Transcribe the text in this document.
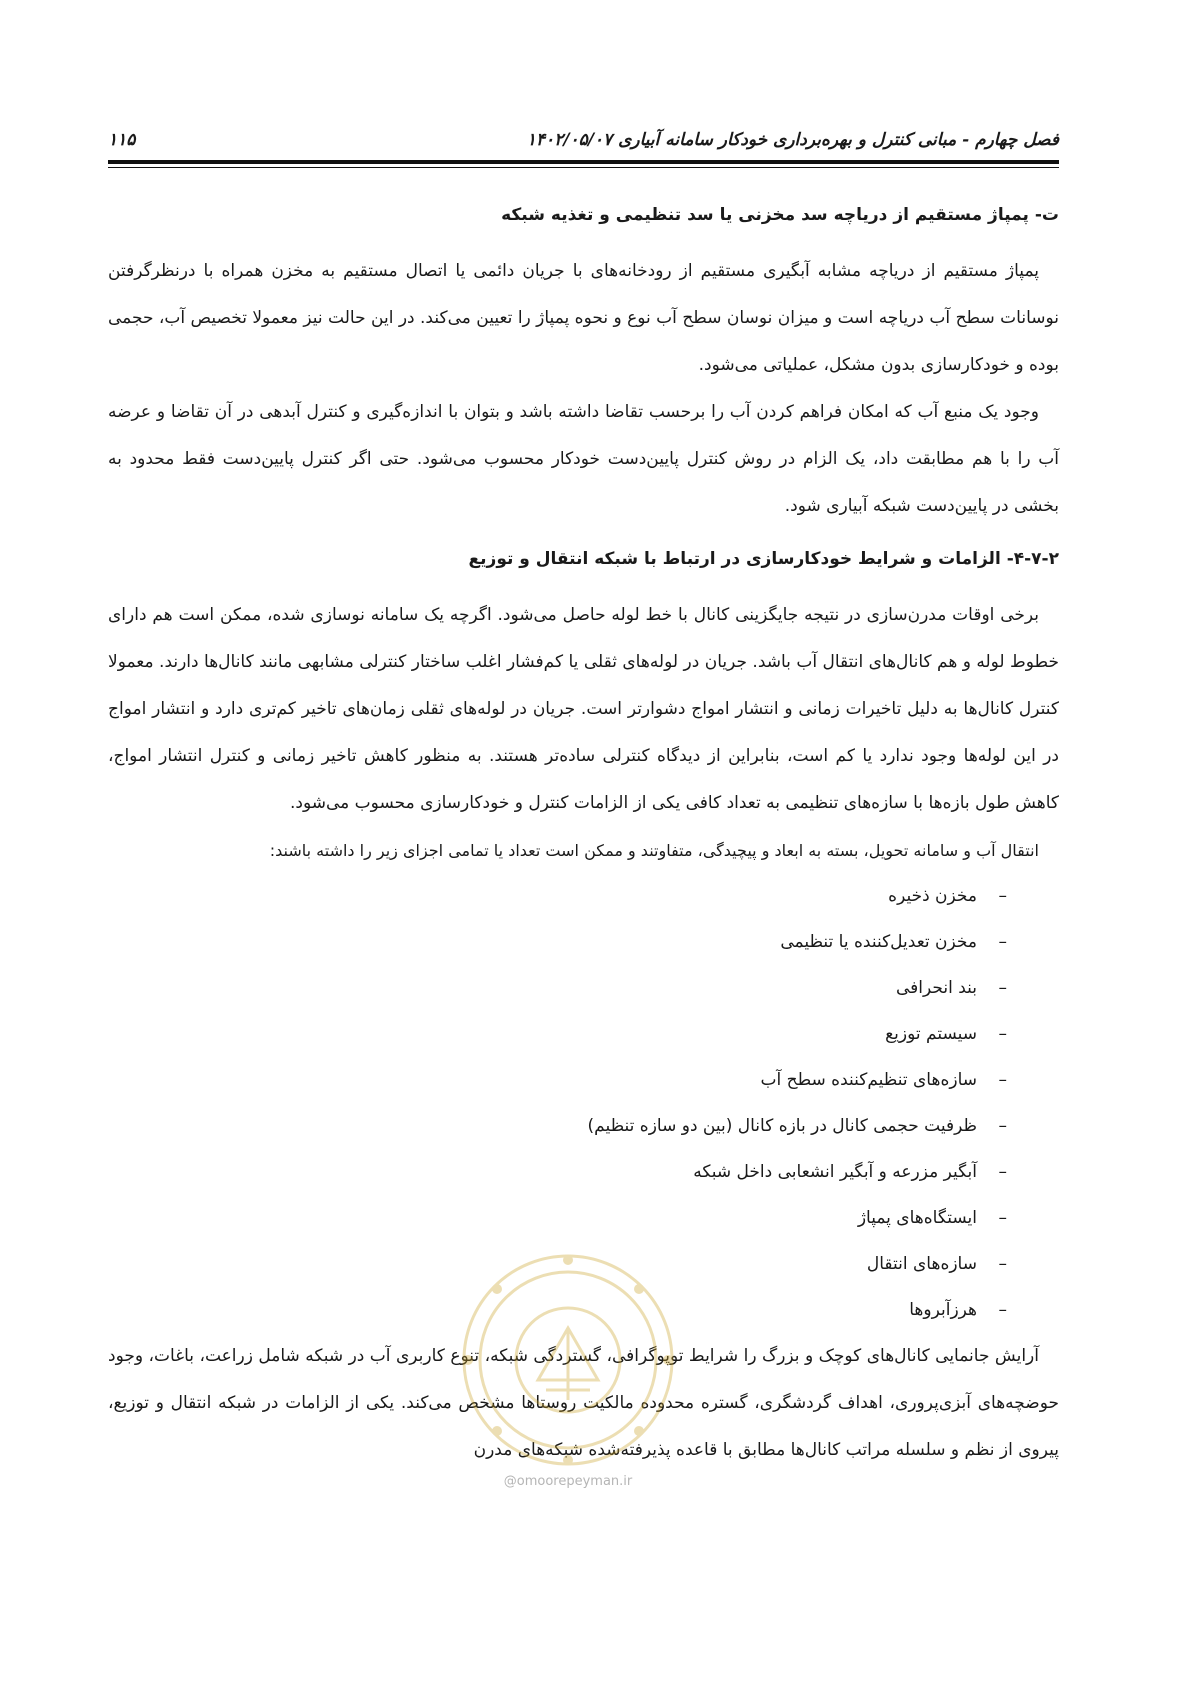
فصل چهارم - مبانی کنترل و بهره‌برداری خودکار سامانه آبیاری ۱۴۰۲/۰۵/۰۷
۱۱۵
ت- پمپاژ مستقیم از دریاچه سد مخزنی یا سد تنظیمی و تغذیه شبکه

پمپاژ مستقیم از دریاچه مشابه آبگیری مستقیم از رودخانه‌های با جریان دائمی یا اتصال مستقیم به مخزن همراه با درنظرگرفتن نوسانات سطح آب دریاچه است و میزان نوسان سطح آب نوع و نحوه پمپاژ را تعیین می‌کند. در این حالت نیز معمولا تخصیص آب، حجمی بوده و خودکارسازی بدون مشکل، عملیاتی می‌شود.

وجود یک منبع آب که امکان فراهم کردن آب را برحسب تقاضا داشته باشد و بتوان با اندازه‌گیری و کنترل آبدهی در آن تقاضا و عرضه آب را با هم مطابقت داد، یک الزام در روش کنترل پایین‌دست خودکار محسوب می‌شود. حتی اگر کنترل پایین‌دست فقط محدود به بخشی در پایین‌دست شبکه آبیاری شود.

۴-۷-۲- الزامات و شرایط خودکارسازی در ارتباط با شبکه انتقال و توزیع

برخی اوقات مدرن‌سازی در نتیجه جایگزینی کانال با خط لوله حاصل می‌شود. اگرچه یک سامانه نوسازی شده، ممکن است هم دارای خطوط لوله و هم کانال‌های انتقال آب باشد. جریان در لوله‌های ثقلی یا کم‌فشار اغلب ساختار کنترلی مشابهی مانند کانال‌ها دارند. معمولا کنترل کانال‌ها به دلیل تاخیرات زمانی و انتشار امواج دشوارتر است. جریان در لوله‌های ثقلی زمان‌های تاخیر کم‌تری دارد و انتشار امواج در این لوله‌ها وجود ندارد یا کم است، بنابراین از دیدگاه کنترلی ساده‌تر هستند. به منظور کاهش تاخیر زمانی و کنترل انتشار امواج، کاهش طول بازه‌ها با سازه‌های تنظیمی به تعداد کافی یکی از الزامات کنترل و خودکارسازی محسوب می‌شود.

انتقال آب و سامانه تحویل، بسته به ابعاد و پیچیدگی، متفاوتند و ممکن است تعداد یا تمامی اجزای زیر را داشته باشند:

–مخزن ذخیره
–مخزن تعدیل‌کننده یا تنظیمی
–بند انحرافی
–سیستم توزیع
–سازه‌های تنظیم‌کننده سطح آب
–ظرفیت حجمی کانال در بازه کانال (بین دو سازه تنظیم)
–آبگیر مزرعه و آبگیر انشعابی داخل شبکه
–ایستگاه‌های پمپاژ
–سازه‌های انتقال
–هرزآبروها

آرایش جانمایی کانال‌های کوچک و بزرگ را شرایط توپوگرافی، گستردگی شبکه، تنوع کاربری آب در شبکه شامل زراعت، باغات، وجود حوضچه‌های آبزی‌پروری، اهداف گردشگری، گستره محدوده مالکیت روستاها مشخص می‌کند. یکی از الزامات در شبکه انتقال و توزیع، پیروی از نظم و سلسله مراتب کانال‌ها مطابق با قاعده پذیرفته‌شده شبکه‌های مدرن

@omoorepeyman.ir
